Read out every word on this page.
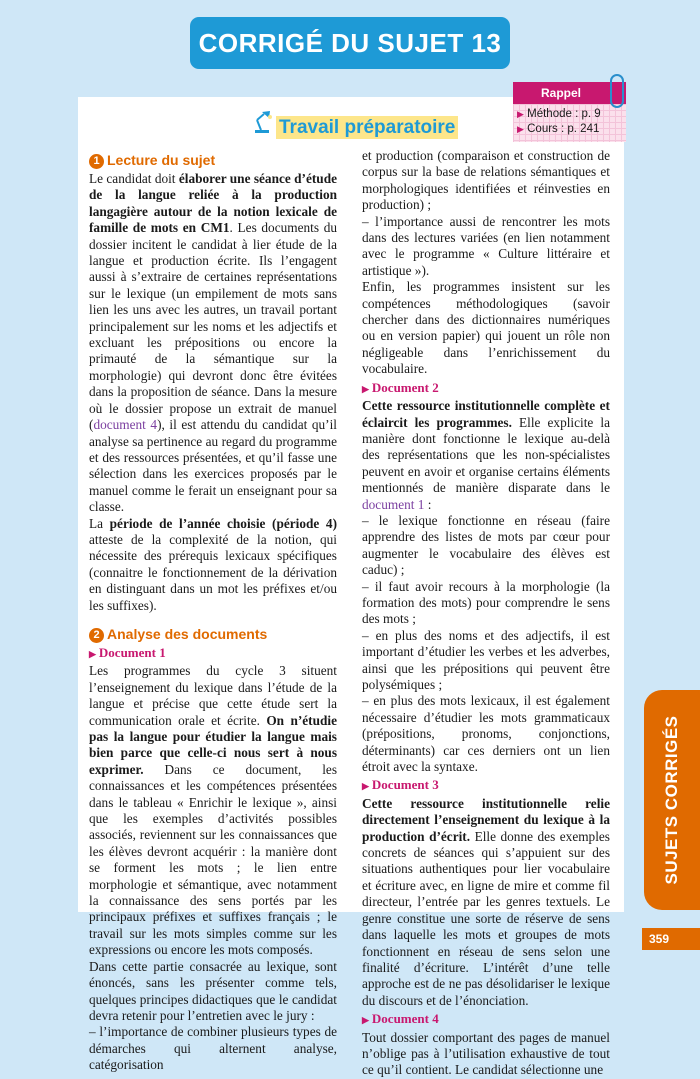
CORRIGÉ DU SUJET 13
Rappel
▶ Méthode : p. 9
▶ Cours : p. 241
Travail préparatoire
1 Lecture du sujet

Le candidat doit élaborer une séance d’étude de la langue reliée à la production langagière autour de la notion lexicale de famille de mots en CM1. Les documents du dossier incitent le candidat à lier étude de la langue et production écrite. Ils l’engagent aussi à s’extraire de certaines représentations sur le lexique (un empilement de mots sans lien les uns avec les autres, un travail portant principalement sur les noms et les adjectifs et excluant les prépositions ou encore la primauté de la sémantique sur la morphologie) qui devront donc être évitées dans la proposition de séance. Dans la mesure où le dossier propose un extrait de manuel (document 4), il est attendu du candidat qu’il analyse sa pertinence au regard du programme et des ressources présentées, et qu’il fasse une sélection dans les exercices proposés par le manuel comme le ferait un enseignant pour sa classe.

La période de l’année choisie (période 4) atteste de la complexité de la notion, qui nécessite des prérequis lexicaux spécifiques (connaitre le fonctionnement de la dérivation en distinguant dans un mot les préfixes et/ou les suffixes).

2 Analyse des documents
▶ Document 1

Les programmes du cycle 3 situent l’enseignement du lexique dans l’étude de la langue et précise que cette étude sert la communication orale et écrite. On n’étudie pas la langue pour étudier la langue mais bien parce que celle-ci nous sert à nous exprimer. Dans ce document, les connaissances et les compétences présentées dans le tableau « Enrichir le lexique », ainsi que les exemples d’activités possibles associés, reviennent sur les connaissances que les élèves devront acquérir : la manière dont se forment les mots ; le lien entre morphologie et sémantique, avec notamment la connaissance des sens portés par les principaux préfixes et suffixes français ; le travail sur les mots simples comme sur les expressions ou encore les mots composés.

Dans cette partie consacrée au lexique, sont énoncés, sans les présenter comme tels, quelques principes didactiques que le candidat devra retenir pour l’entretien avec le jury :

– l’importance de combiner plusieurs types de démarches qui alternent analyse, catégorisation

et production (comparaison et construction de corpus sur la base de relations sémantiques et morphologiques identifiées et réinvesties en production) ;

– l’importance aussi de rencontrer les mots dans des lectures variées (en lien notamment avec le programme « Culture littéraire et artistique »).

Enfin, les programmes insistent sur les compétences méthodologiques (savoir chercher dans des dictionnaires numériques ou en version papier) qui jouent un rôle non négligeable dans l’enrichissement du vocabulaire.

▶ Document 2

Cette ressource institutionnelle complète et éclaircit les programmes. Elle explicite la manière dont fonctionne le lexique au-delà des représentations que les non-spécialistes peuvent en avoir et organise certains éléments mentionnés de manière disparate dans le document 1 :

– le lexique fonctionne en réseau (faire apprendre des listes de mots par cœur pour augmenter le vocabulaire des élèves est caduc) ;

– il faut avoir recours à la morphologie (la formation des mots) pour comprendre le sens des mots ;

– en plus des noms et des adjectifs, il est important d’étudier les verbes et les adverbes, ainsi que les prépositions qui peuvent être polysémiques ;

– en plus des mots lexicaux, il est également nécessaire d’étudier les mots grammaticaux (prépositions, pronoms, conjonctions, déterminants) car ces derniers ont un lien étroit avec la syntaxe.

▶ Document 3

Cette ressource institutionnelle relie directement l’enseignement du lexique à la production d’écrit. Elle donne des exemples concrets de séances qui s’appuient sur des situations authentiques pour lier vocabulaire et écriture avec, en ligne de mire et comme fil directeur, l’entrée par les genres textuels. Le genre constitue une sorte de réserve de sens dans laquelle les mots et groupes de mots fonctionnent en réseau de sens selon une finalité d’écriture. L’intérêt d’une telle approche est de ne pas désolidariser le lexique du discours et de l’énonciation.

▶ Document 4

Tout dossier comportant des pages de manuel n’oblige pas à l’utilisation exhaustive de tout ce qu’il contient. Le candidat sélectionne une

SUJETS CORRIGÉS
359
